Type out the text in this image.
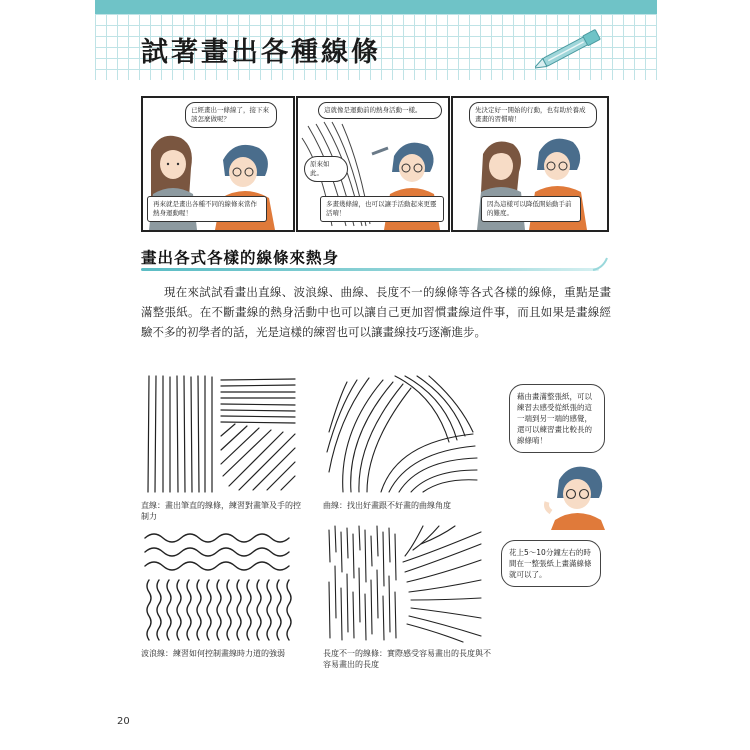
試著畫出各種線條
已經畫出一條線了，接下來該怎麼做呢？
再來就是畫出各種不同的線條來當作熱身運動喔！
這就像是運動前的熱身活動一樣。
原來如此。
多畫幾條線，也可以讓手活動起來更靈活唷！
先決定好一開始的行動，也有助於養成畫畫的習慣唷！
因為這樣可以降低開始動手前的難度。
畫出各式各樣的線條來熱身

現在來試試看畫出直線、波浪線、曲線、長度不一的線條等各式各樣的線條，重點是畫滿整張紙。在不斷畫線的熱身活動中也可以讓自己更加習慣畫線這件事，而且如果是畫線經驗不多的初學者的話，光是這樣的練習也可以讓畫線技巧逐漸進步。

直線：畫出筆直的線條，練習對畫筆及手的控制力
曲線：找出好畫跟不好畫的曲線角度
波浪線：練習如何控制畫線時力道的強弱	長度不一的線條：實際感受容易畫出的長度與不容易畫出的長度
藉由畫滿整張紙，可以練習去感受從紙張的這一端到另一端的感覺，還可以練習畫比較長的線條唷！
花上5～10分鐘左右的時間在一整張紙上畫滿線條就可以了。
20
